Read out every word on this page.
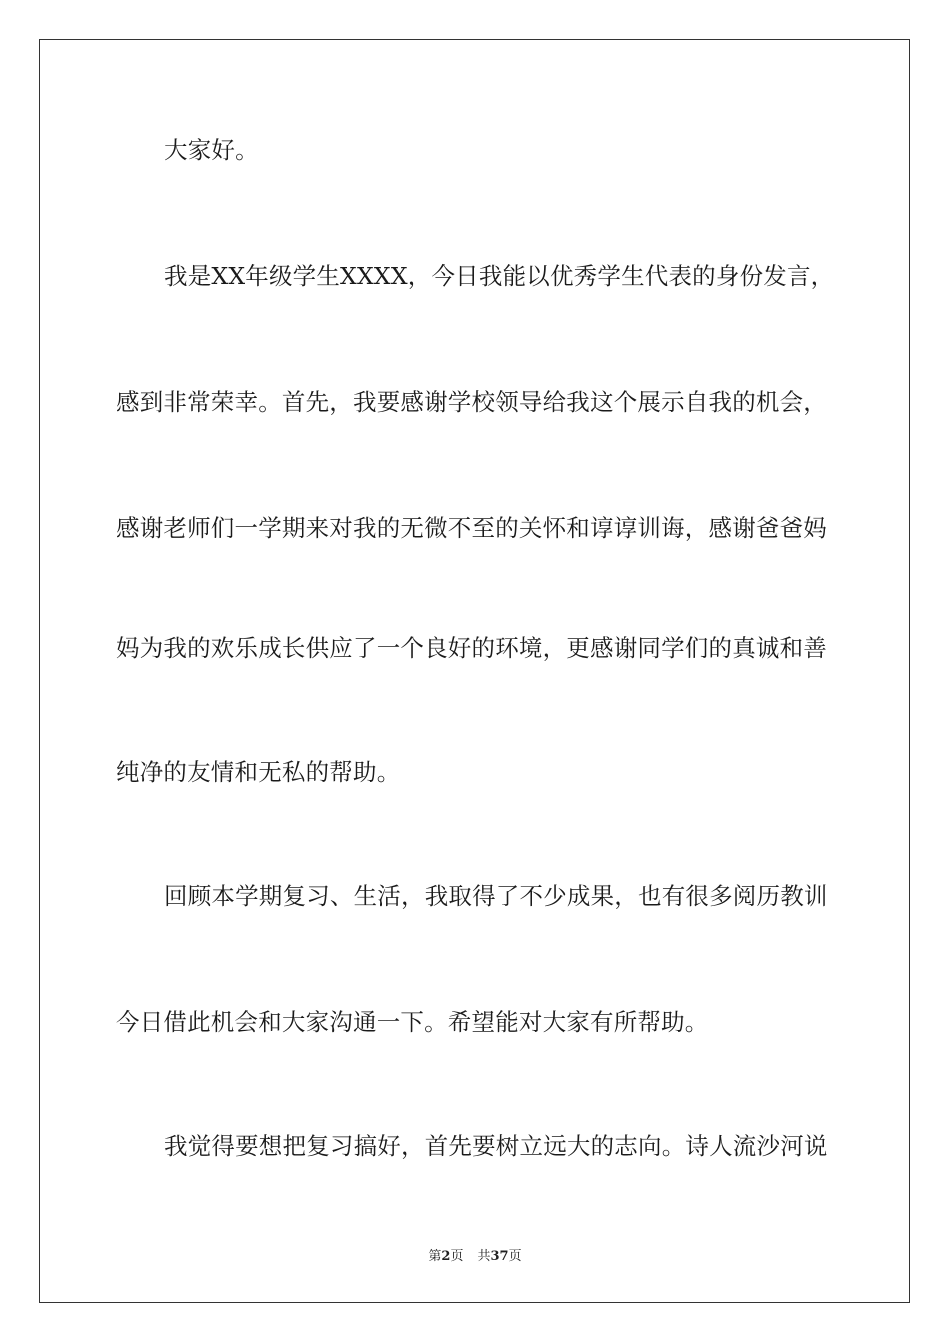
大家好。
我是XX年级学生XXXX，今日我能以优秀学生代表的身份发言，
感到非常荣幸。首先，我要感谢学校领导给我这个展示自我的机会，
感谢老师们一学期来对我的无微不至的关怀和谆谆训诲，感谢爸爸妈
妈为我的欢乐成长供应了一个良好的环境，更感谢同学们的真诚和善
纯净的友情和无私的帮助。
回顾本学期复习、生活，我取得了不少成果，也有很多阅历教训
今日借此机会和大家沟通一下。希望能对大家有所帮助。
我觉得要想把复习搞好，首先要树立远大的志向。诗人流沙河说
第2页 共37页
